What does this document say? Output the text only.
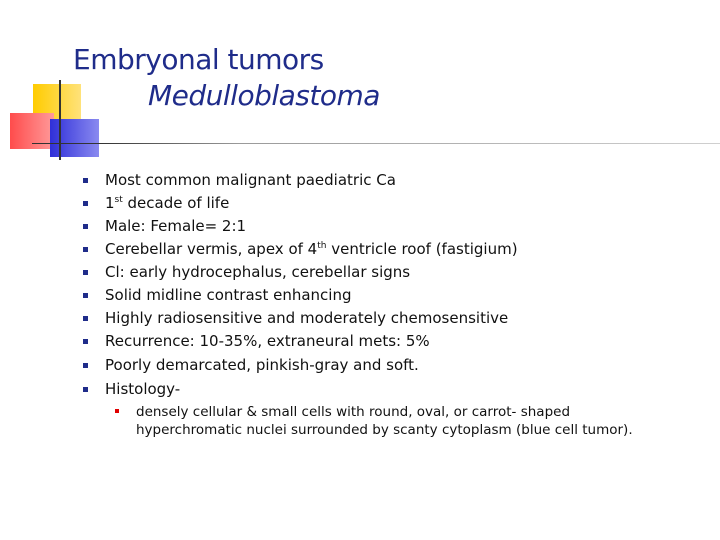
Embryonal tumors
Medulloblastoma
Most common malignant paediatric Ca
1st decade of life
Male: Female= 2:1
Cerebellar vermis, apex of 4th ventricle roof (fastigium)
Cl: early hydrocephalus, cerebellar signs
Solid midline contrast enhancing
Highly radiosensitive and moderately chemosensitive
Recurrence: 10-35%, extraneural mets: 5%
Poorly demarcated, pinkish-gray and soft.
Histology-
densely cellular & small cells with round, oval, or carrot- shaped
hyperchromatic nuclei surrounded by scanty cytoplasm (blue cell tumor).
